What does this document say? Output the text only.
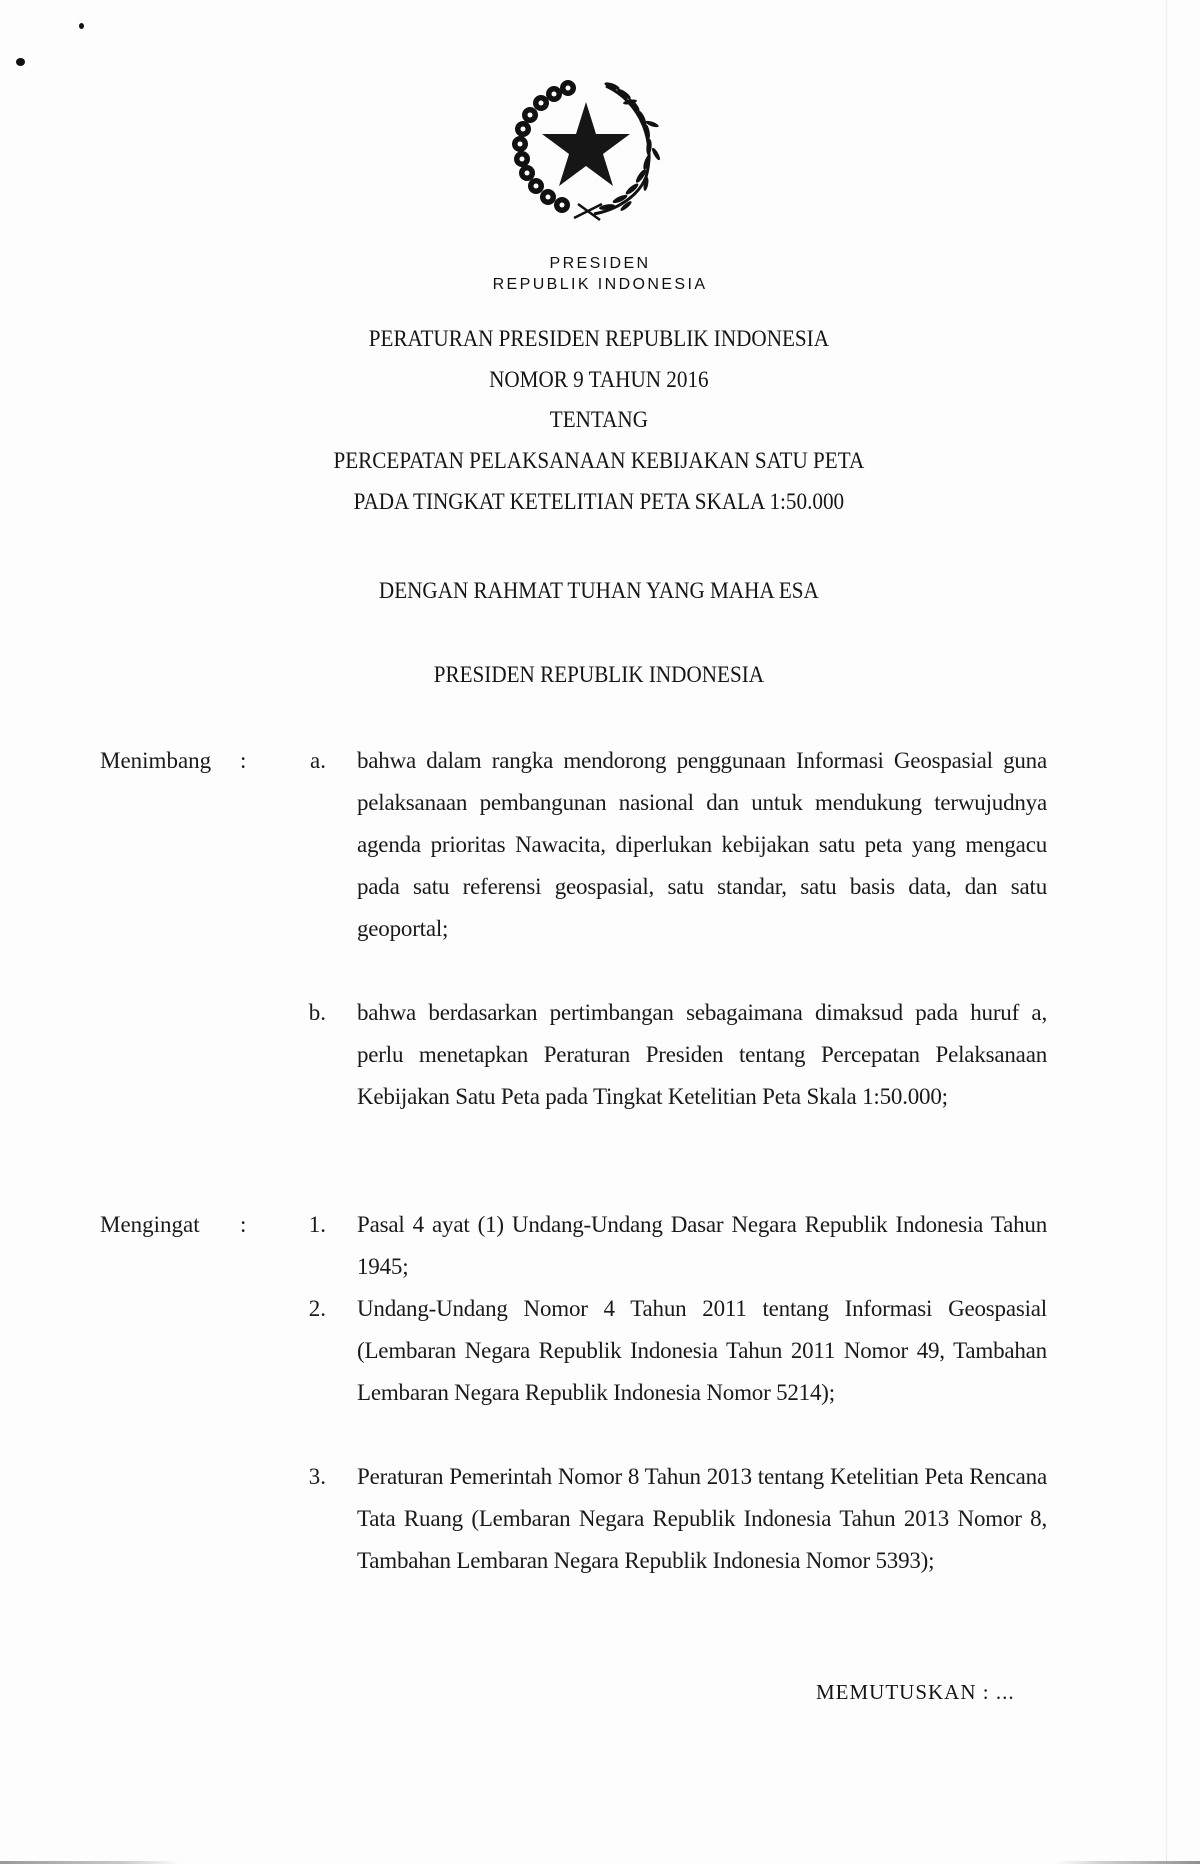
PRESIDEN
REPUBLIK INDONESIA
PERATURAN PRESIDEN REPUBLIK INDONESIA
NOMOR 9 TAHUN 2016
TENTANG
PERCEPATAN PELAKSANAAN KEBIJAKAN SATU PETA
PADA TINGKAT KETELITIAN PETA SKALA 1:50.000
DENGAN RAHMAT TUHAN YANG MAHA ESA
PRESIDEN REPUBLIK INDONESIA
Menimbang :	a. bahwa dalam rangka mendorong penggunaan Informasi Geospasial guna pelaksanaan pembangunan nasional dan untuk mendukung terwujudnya agenda prioritas Nawacita, diperlukan kebijakan satu peta yang mengacu pada satu referensi geospasial, satu standar, satu basis data, dan satu geoportal;
b. bahwa berdasarkan pertimbangan sebagaimana dimaksud pada huruf a, perlu menetapkan Peraturan Presiden tentang Percepatan Pelaksanaan Kebijakan Satu Peta pada Tingkat Ketelitian Peta Skala 1:50.000;
Mengingat :	1. Pasal 4 ayat (1) Undang-Undang Dasar Negara Republik Indonesia Tahun 1945;
2. Undang-Undang Nomor 4 Tahun 2011 tentang Informasi Geospasial (Lembaran Negara Republik Indonesia Tahun 2011 Nomor 49, Tambahan Lembaran Negara Republik Indonesia Nomor 5214);
3. Peraturan Pemerintah Nomor 8 Tahun 2013 tentang Ketelitian Peta Rencana Tata Ruang (Lembaran Negara Republik Indonesia Tahun 2013 Nomor 8, Tambahan Lembaran Negara Republik Indonesia Nomor 5393);
MEMUTUSKAN : ...
